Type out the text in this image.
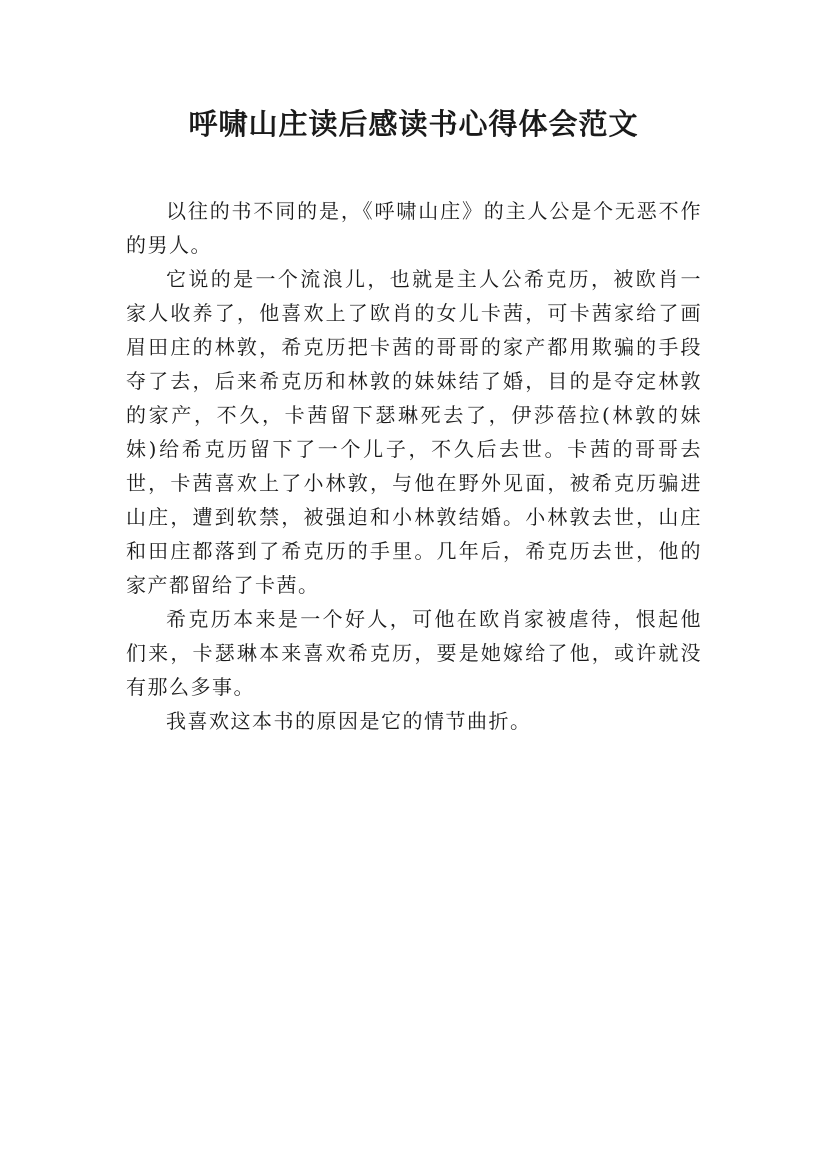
呼啸山庄读后感读书心得体会范文

以往的书不同的是，《呼啸山庄》的主人公是个无恶不作的男人。

它说的是一个流浪儿，也就是主人公希克历，被欧肖一家人收养了，他喜欢上了欧肖的女儿卡茜，可卡茜家给了画眉田庄的林敦，希克历把卡茜的哥哥的家产都用欺骗的手段夺了去，后来希克历和林敦的妹妹结了婚，目的是夺定林敦的家产，不久，卡茜留下瑟琳死去了，伊莎蓓拉(林敦的妹妹)给希克历留下了一个儿子，不久后去世。卡茜的哥哥去世，卡茜喜欢上了小林敦，与他在野外见面，被希克历骗进山庄，遭到软禁，被强迫和小林敦结婚。小林敦去世，山庄和田庄都落到了希克历的手里。几年后，希克历去世，他的家产都留给了卡茜。

希克历本来是一个好人，可他在欧肖家被虐待，恨起他们来，卡瑟琳本来喜欢希克历，要是她嫁给了他，或许就没有那么多事。

我喜欢这本书的原因是它的情节曲折。
